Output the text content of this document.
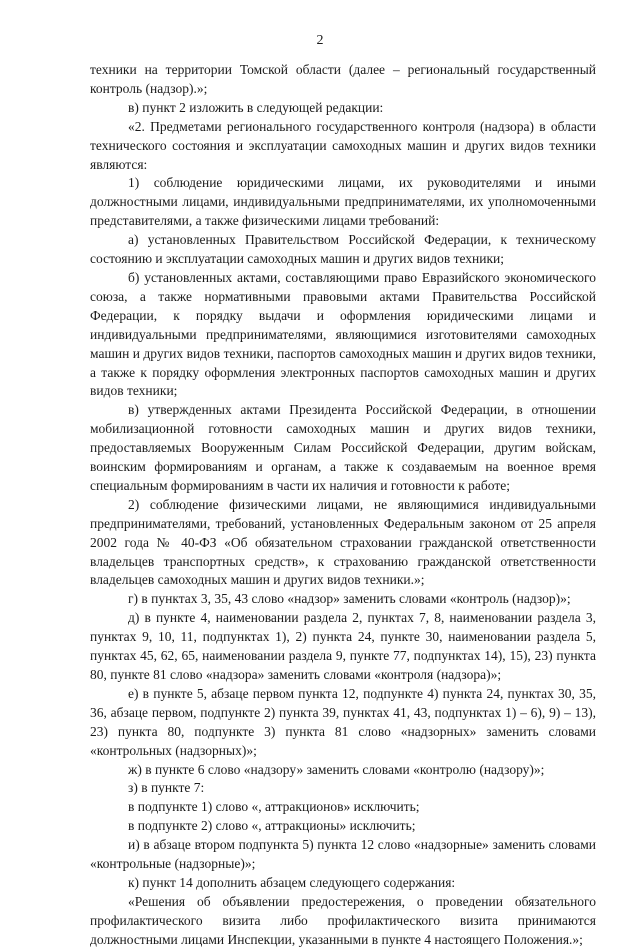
2

техники на территории Томской области (далее – региональный государственный контроль (надзор).»;

в) пункт 2 изложить в следующей редакции:

«2. Предметами регионального государственного контроля (надзора) в области технического состояния и эксплуатации самоходных машин и других видов техники являются:

1) соблюдение юридическими лицами, их руководителями и иными должностными лицами, индивидуальными предпринимателями, их уполномоченными представителями, а также физическими лицами требований:

а) установленных Правительством Российской Федерации, к техническому состоянию и эксплуатации самоходных машин и других видов техники;

б) установленных актами, составляющими право Евразийского экономического союза, а также нормативными правовыми актами Правительства Российской Федерации, к порядку выдачи и оформления юридическими лицами и индивидуальными предпринимателями, являющимися изготовителями самоходных машин и других видов техники, паспортов самоходных машин и других видов техники, а также к порядку оформления электронных паспортов самоходных машин и других видов техники;

в) утвержденных актами Президента Российской Федерации, в отношении мобилизационной готовности самоходных машин и других видов техники, предоставляемых Вооруженным Силам Российской Федерации, другим войскам, воинским формированиям и органам, а также к создаваемым на военное время специальным формированиям в части их наличия и готовности к работе;

2) соблюдение физическими лицами, не являющимися индивидуальными предпринимателями, требований, установленных Федеральным законом от 25 апреля 2002 года № 40-ФЗ «Об обязательном страховании гражданской ответственности владельцев транспортных средств», к страхованию гражданской ответственности владельцев самоходных машин и других видов техники.»;

г) в пунктах 3, 35, 43 слово «надзор» заменить словами «контроль (надзор)»;

д) в пункте 4, наименовании раздела 2, пунктах 7, 8, наименовании раздела 3, пунктах 9, 10, 11, подпунктах 1), 2) пункта 24, пункте 30, наименовании раздела 5, пунктах 45, 62, 65, наименовании раздела 9, пункте 77, подпунктах 14), 15), 23) пункта 80, пункте 81 слово «надзора» заменить словами «контроля (надзора)»;

е) в пункте 5, абзаце первом пункта 12, подпункте 4) пункта 24, пунктах 30, 35, 36, абзаце первом, подпункте 2) пункта 39, пунктах 41, 43, подпунктах 1) – 6), 9) – 13), 23) пункта 80, подпункте 3) пункта 81 слово «надзорных» заменить словами «контрольных (надзорных)»;

ж) в пункте 6 слово «надзору» заменить словами «контролю (надзору)»;

з) в пункте 7:

в подпункте 1) слово «, аттракционов» исключить;

в подпункте 2) слово «, аттракционы» исключить;

и) в абзаце втором подпункта 5) пункта 12 слово «надзорные» заменить словами «контрольные (надзорные)»;

к) пункт 14 дополнить абзацем следующего содержания:

«Решения об объявлении предостережения, о проведении обязательного профилактического визита либо профилактического визита принимаются должностными лицами Инспекции, указанными в пункте 4 настоящего Положения.»;
